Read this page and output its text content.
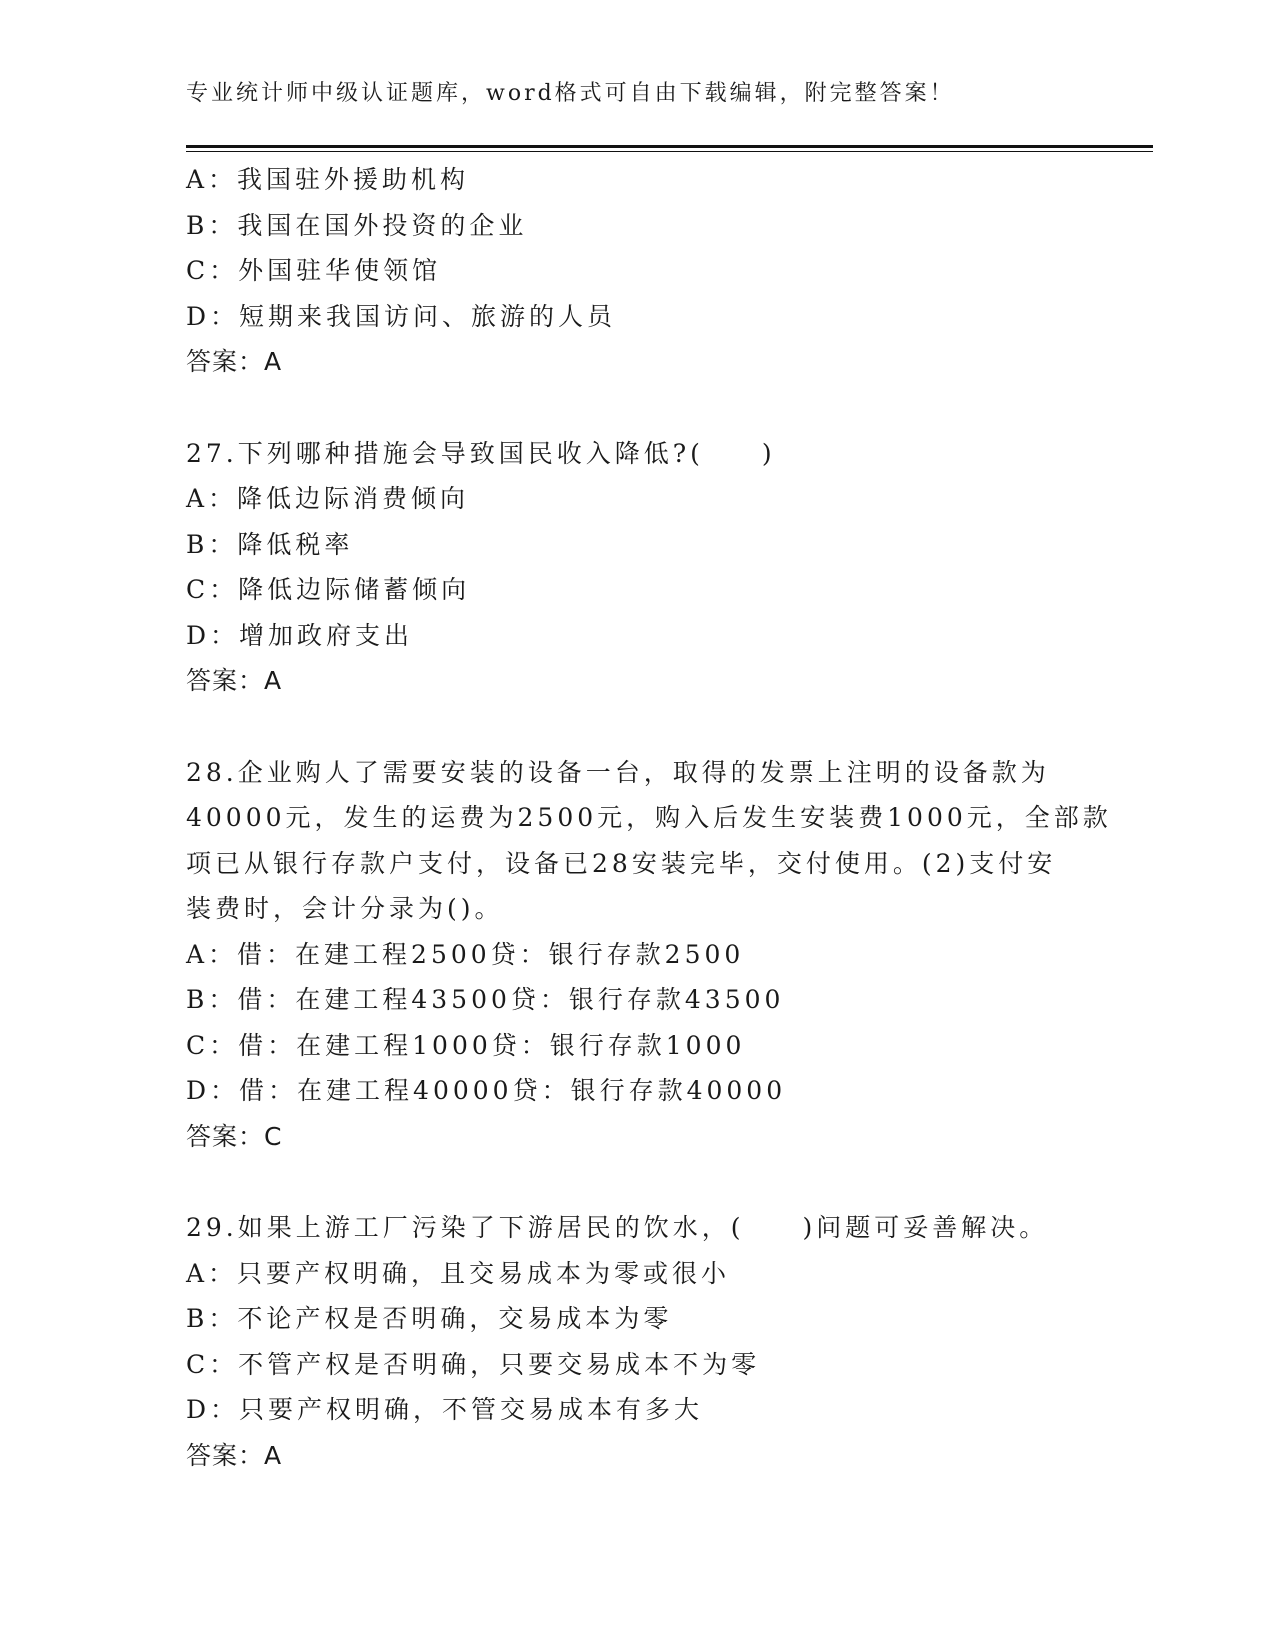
专业统计师中级认证题库，word格式可自由下载编辑，附完整答案！
A：我国驻外援助机构
B：我国在国外投资的企业
C：外国驻华使领馆
D：短期来我国访问、旅游的人员
答案：A
27.下列哪种措施会导致国民收入降低?(　　)
A：降低边际消费倾向
B：降低税率
C：降低边际储蓄倾向
D：增加政府支出
答案：A
28.企业购人了需要安装的设备一台，取得的发票上注明的设备款为
40000元，发生的运费为2500元，购入后发生安装费1000元，全部款
项已从银行存款户支付，设备已28安装完毕，交付使用。(2)支付安
装费时，会计分录为()。
A：借：在建工程2500贷：银行存款2500
B：借：在建工程43500贷：银行存款43500
C：借：在建工程1000贷：银行存款1000
D：借：在建工程40000贷：银行存款40000
答案：C
29.如果上游工厂污染了下游居民的饮水，(　　)问题可妥善解决。
A：只要产权明确，且交易成本为零或很小
B：不论产权是否明确，交易成本为零
C：不管产权是否明确，只要交易成本不为零
D：只要产权明确，不管交易成本有多大
答案：A
